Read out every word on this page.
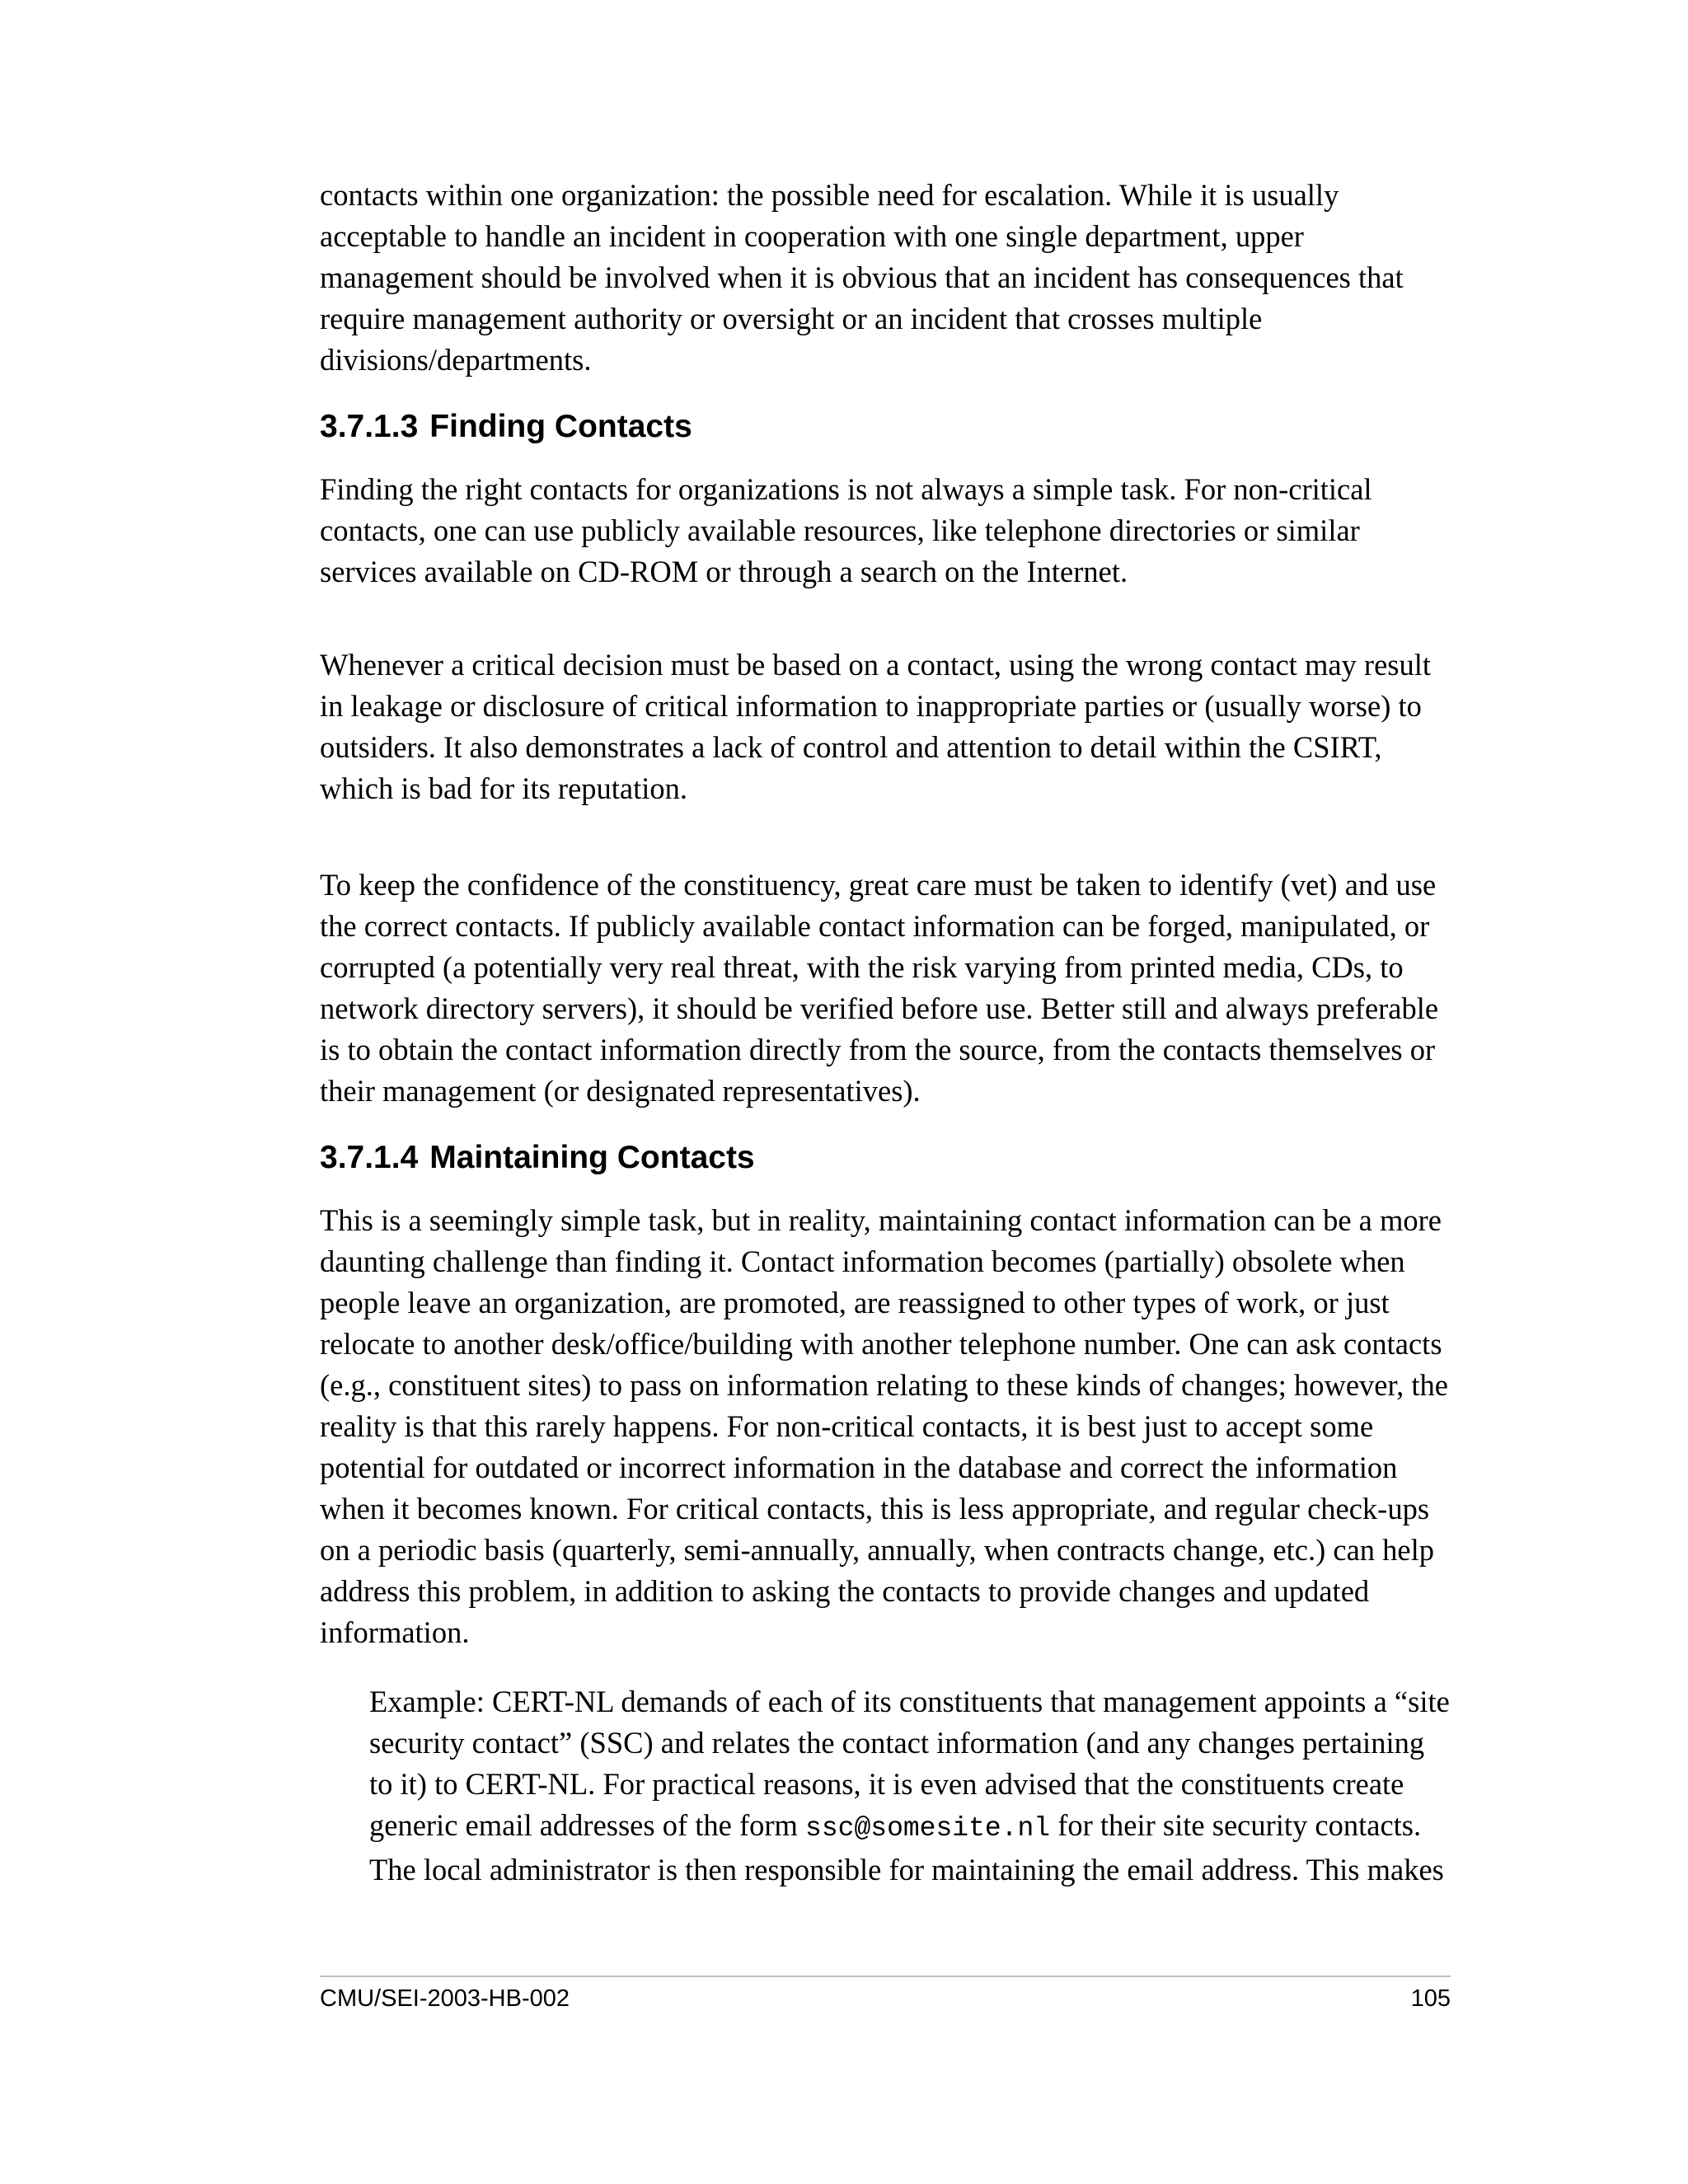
contacts within one organization: the possible need for escalation. While it is usually
acceptable to handle an incident in cooperation with one single department, upper
management should be involved when it is obvious that an incident has consequences that
require management authority or oversight or an incident that crosses multiple
divisions/departments.

3.7.1.3 Finding Contacts

Finding the right contacts for organizations is not always a simple task. For non-critical
contacts, one can use publicly available resources, like telephone directories or similar
services available on CD-ROM or through a search on the Internet.

Whenever a critical decision must be based on a contact, using the wrong contact may result
in leakage or disclosure of critical information to inappropriate parties or (usually worse) to
outsiders. It also demonstrates a lack of control and attention to detail within the CSIRT,
which is bad for its reputation.

To keep the confidence of the constituency, great care must be taken to identify (vet) and use
the correct contacts. If publicly available contact information can be forged, manipulated, or
corrupted (a potentially very real threat, with the risk varying from printed media, CDs, to
network directory servers), it should be verified before use. Better still and always preferable
is to obtain the contact information directly from the source, from the contacts themselves or
their management (or designated representatives).

3.7.1.4 Maintaining Contacts

This is a seemingly simple task, but in reality, maintaining contact information can be a more
daunting challenge than finding it. Contact information becomes (partially) obsolete when
people leave an organization, are promoted, are reassigned to other types of work, or just
relocate to another desk/office/building with another telephone number. One can ask contacts
(e.g., constituent sites) to pass on information relating to these kinds of changes; however, the
reality is that this rarely happens. For non-critical contacts, it is best just to accept some
potential for outdated or incorrect information in the database and correct the information
when it becomes known. For critical contacts, this is less appropriate, and regular check-ups
on a periodic basis (quarterly, semi-annually, annually, when contracts change, etc.) can help
address this problem, in addition to asking the contacts to provide changes and updated
information.

Example: CERT-NL demands of each of its constituents that management appoints a “site
security contact” (SSC) and relates the contact information (and any changes pertaining
to it) to CERT-NL. For practical reasons, it is even advised that the constituents create
generic email addresses of the form ssc@somesite.nl for their site security contacts.
The local administrator is then responsible for maintaining the email address. This makes

CMU/SEI-2003-HB-002	105
